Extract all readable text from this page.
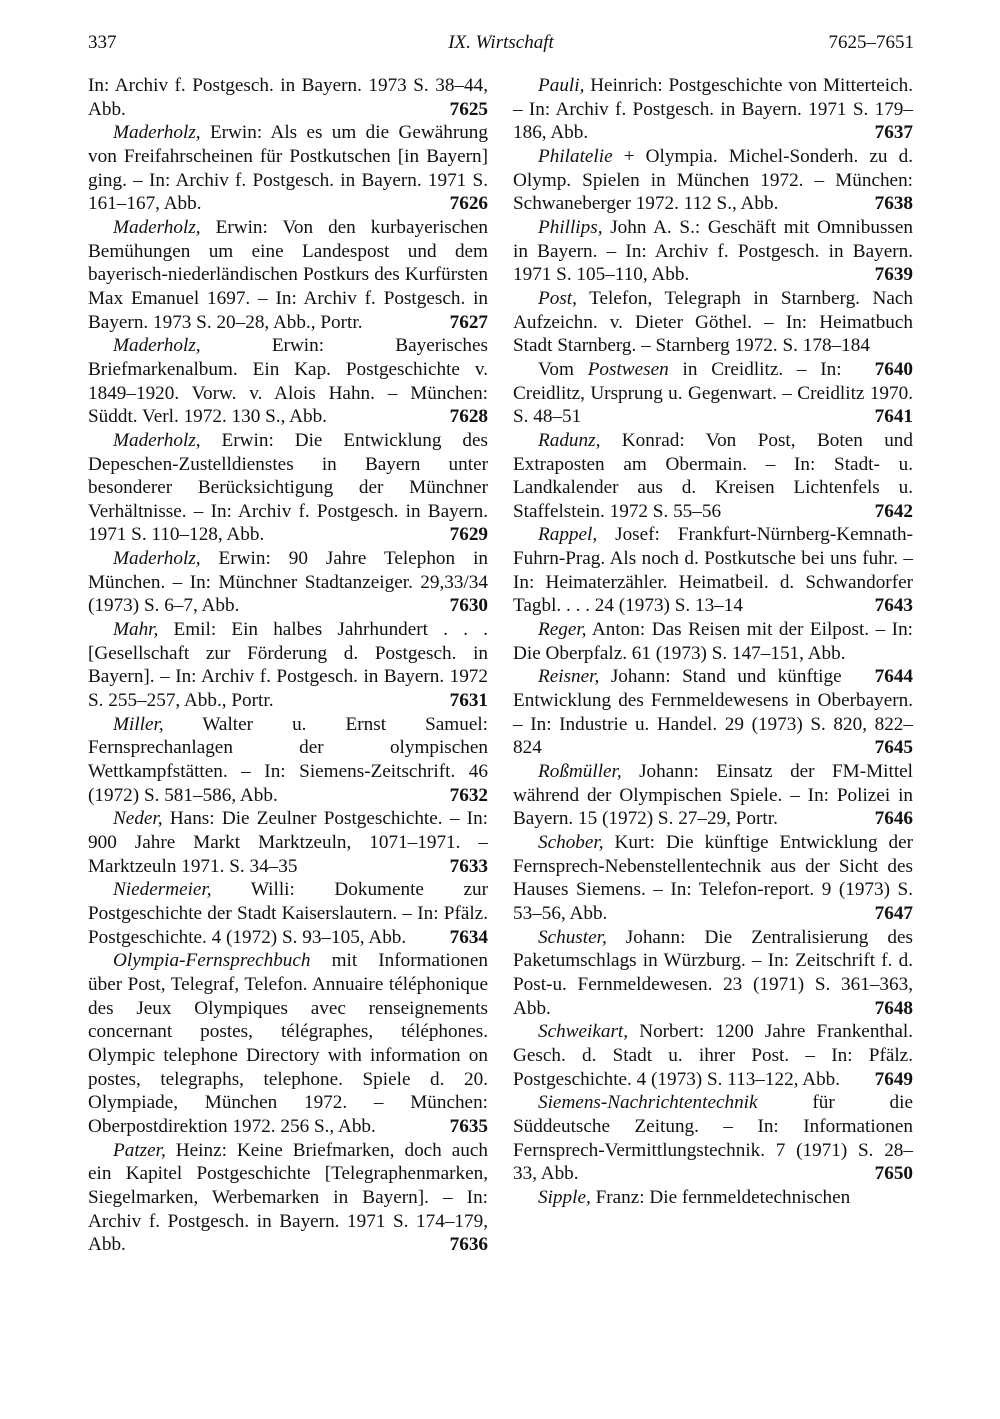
337	IX. Wirtschaft	7625–7651

In: Archiv f. Postgesch. in Bayern. 1973 S. 38–44, Abb.	7625

Maderholz, Erwin: Als es um die Gewährung von Freifahrscheinen für Postkutschen [in Bayern] ging. – In: Archiv f. Postgesch. in Bayern. 1971 S. 161–167, Abb.	7626

Maderholz, Erwin: Von den kurbayerischen Bemühungen um eine Landespost und dem bayerisch-niederländischen Postkurs des Kurfürsten Max Emanuel 1697. – In: Archiv f. Postgesch. in Bayern. 1973 S. 20–28, Abb., Portr.	7627

Maderholz, Erwin: Bayerisches Briefmarkenalbum. Ein Kap. Postgeschichte v. 1849–1920. Vorw. v. Alois Hahn. – München: Süddt. Verl. 1972. 130 S., Abb.	7628

Maderholz, Erwin: Die Entwicklung des Depeschen-Zustelldienstes in Bayern unter besonderer Berücksichtigung der Münchner Verhältnisse. – In: Archiv f. Postgesch. in Bayern. 1971 S. 110–128, Abb.	7629

Maderholz, Erwin: 90 Jahre Telephon in München. – In: Münchner Stadtanzeiger. 29,33/34 (1973) S. 6–7, Abb.	7630

Mahr, Emil: Ein halbes Jahrhundert . . . [Gesellschaft zur Förderung d. Postgesch. in Bayern]. – In: Archiv f. Postgesch. in Bayern. 1972 S. 255–257, Abb., Portr.	7631

Miller, Walter u. Ernst Samuel: Fernsprechanlagen der olympischen Wettkampfstätten. – In: Siemens-Zeitschrift. 46 (1972) S. 581–586, Abb.	7632

Neder, Hans: Die Zeulner Postgeschichte. – In: 900 Jahre Markt Marktzeuln, 1071–1971. – Marktzeuln 1971. S. 34–35	7633

Niedermeier, Willi: Dokumente zur Postgeschichte der Stadt Kaiserslautern. – In: Pfälz. Postgeschichte. 4 (1972) S. 93–105, Abb.	7634

Olympia-Fernsprechbuch mit Informationen über Post, Telegraf, Telefon. Annuaire téléphonique des Jeux Olympiques avec renseignements concernant postes, télégraphes, téléphones. Olympic telephone Directory with information on postes, telegraphs, telephone. Spiele d. 20. Olympiade, München 1972. – München: Oberpostdirektion 1972. 256 S., Abb.	7635

Patzer, Heinz: Keine Briefmarken, doch auch ein Kapitel Postgeschichte [Telegraphenmarken, Siegelmarken, Werbemarken in Bayern]. – In: Archiv f. Postgesch. in Bayern. 1971 S. 174–179, Abb.	7636

Pauli, Heinrich: Postgeschichte von Mitterteich. – In: Archiv f. Postgesch. in Bayern. 1971 S. 179–186, Abb.	7637

Philatelie + Olympia. Michel-Sonderh. zu d. Olymp. Spielen in München 1972. – München: Schwaneberger 1972. 112 S., Abb.	7638

Phillips, John A. S.: Geschäft mit Omnibussen in Bayern. – In: Archiv f. Postgesch. in Bayern. 1971 S. 105–110, Abb.	7639

Post, Telefon, Telegraph in Starnberg. Nach Aufzeichn. v. Dieter Göthel. – In: Heimatbuch Stadt Starnberg. – Starnberg 1972. S. 178–184
7640

Vom Postwesen in Creidlitz. – In: Creidlitz, Ursprung u. Gegenwart. – Creidlitz 1970. S. 48–51	7641

Radunz, Konrad: Von Post, Boten und Extraposten am Obermain. – In: Stadt- u. Landkalender aus d. Kreisen Lichtenfels u. Staffelstein. 1972 S. 55–56	7642

Rappel, Josef: Frankfurt-Nürnberg-Kemnath-Fuhrn-Prag. Als noch d. Postkutsche bei uns fuhr. – In: Heimaterzähler. Heimatbeil. d. Schwandorfer Tagbl. . . . 24 (1973) S. 13–14	7643

Reger, Anton: Das Reisen mit der Eilpost. – In: Die Oberpfalz. 61 (1973) S. 147–151, Abb.
7644

Reisner, Johann: Stand und künftige Entwicklung des Fernmeldewesens in Oberbayern. – In: Industrie u. Handel. 29 (1973) S. 820, 822–824	7645

Roßmüller, Johann: Einsatz der FM-Mittel während der Olympischen Spiele. – In: Polizei in Bayern. 15 (1972) S. 27–29, Portr.	7646

Schober, Kurt: Die künftige Entwicklung der Fernsprech-Nebenstellentechnik aus der Sicht des Hauses Siemens. – In: Telefon-report. 9 (1973) S. 53–56, Abb.	7647

Schuster, Johann: Die Zentralisierung des Paketumschlags in Würzburg. – In: Zeitschrift f. d. Post-u. Fernmeldewesen. 23 (1971) S. 361–363, Abb.	7648

Schweikart, Norbert: 1200 Jahre Frankenthal. Gesch. d. Stadt u. ihrer Post. – In: Pfälz. Postgeschichte. 4 (1973) S. 113–122, Abb.	7649

Siemens-Nachrichtentechnik für die Süddeutsche Zeitung. – In: Informationen Fernsprech-Vermittlungstechnik. 7 (1971) S. 28–33, Abb.	7650

Sipple, Franz: Die fernmeldetechnischen
